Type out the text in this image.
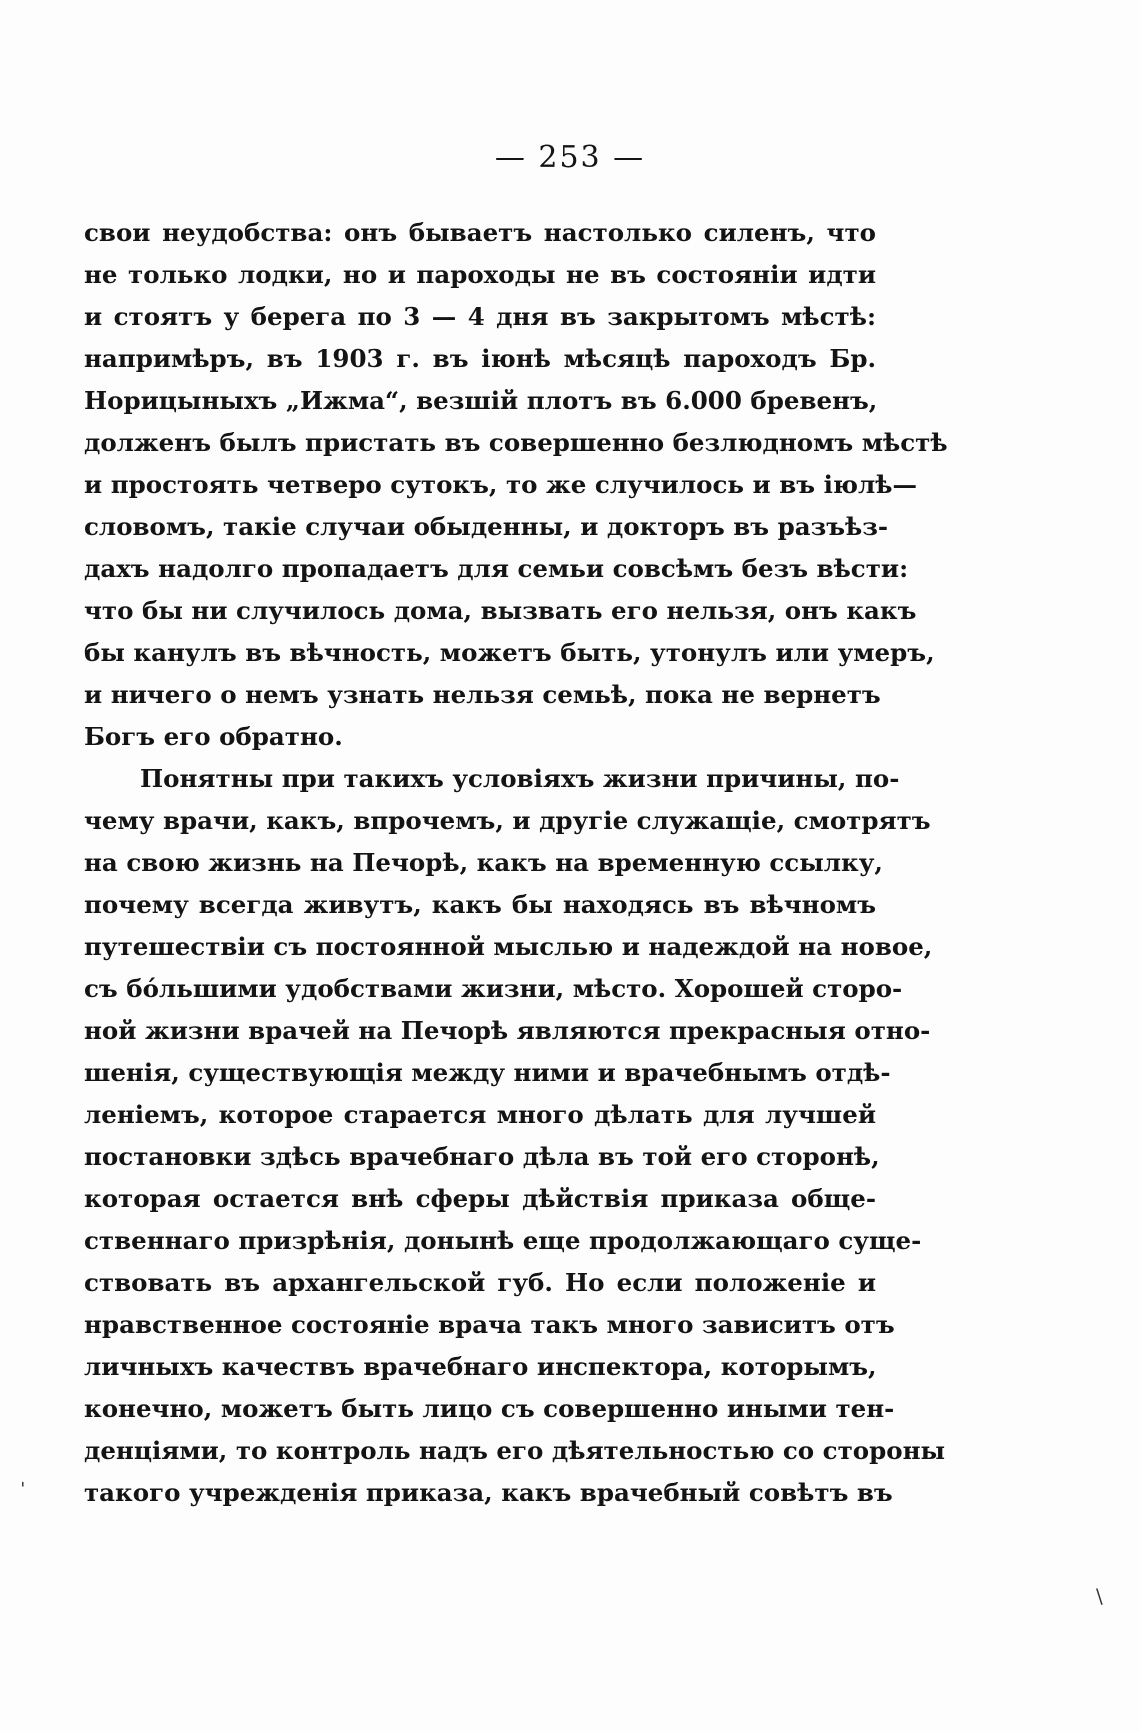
— 253 —
свои неудобства: онъ бываетъ настолько силенъ, что
не только лодки, но и пароходы не въ состоянiи идти
и стоятъ у берега по 3 — 4 дня въ закрытомъ мѣстѣ:
напримѣръ, въ 1903 г. въ iюнѣ мѣсяцѣ пароходъ Бр.
Норицыныхъ „Ижма“, везшiй плотъ въ 6.000 бревенъ,
долженъ былъ пристать въ совершенно безлюдномъ мѣстѣ
и простоять четверо сутокъ, то же случилось и въ iюлѣ—
словомъ, такiе случаи обыденны, и докторъ въ разъѣз-
дахъ надолго пропадаетъ для семьи совсѣмъ безъ вѣсти:
что бы ни случилось дома, вызвать его нельзя, онъ какъ
бы канулъ въ вѣчность, можетъ быть, утонулъ или умеръ,
и ничего о немъ узнать нельзя семьѣ, пока не вернетъ
Богъ его обратно.
Понятны при такихъ условiяхъ жизни причины, по-
чему врачи, какъ, впрочемъ, и другiе служащiе, смотрятъ
на свою жизнь на Печорѣ, какъ на временную ссылку,
почему всегда живутъ, какъ бы находясь въ вѣчномъ
путешествiи съ постоянной мыслью и надеждой на новое,
съ бо́льшими удобствами жизни, мѣсто. Хорошей сторо-
ной жизни врачей на Печорѣ являются прекрасныя отно-
шенiя, существующiя между ними и врачебнымъ отдѣ-
ленiемъ, которое старается много дѣлать для лучшей
постановки здѣсь врачебнаго дѣла въ той его сторонѣ,
которая остается внѣ сферы дѣйствiя приказа обще-
ственнаго призрѣнiя, донынѣ еще продолжающаго суще-
ствовать въ архангельской губ. Но если положенiе и
нравственное состоянiе врача такъ много зависитъ отъ
личныхъ качествъ врачебнаго инспектора, которымъ,
конечно, можетъ быть лицо съ совершенно иными тен-
денцiями, то контроль надъ его дѣятельностью со стороны
такого учрежденiя приказа, какъ врачебный совѣтъ въ
ˈ
\
